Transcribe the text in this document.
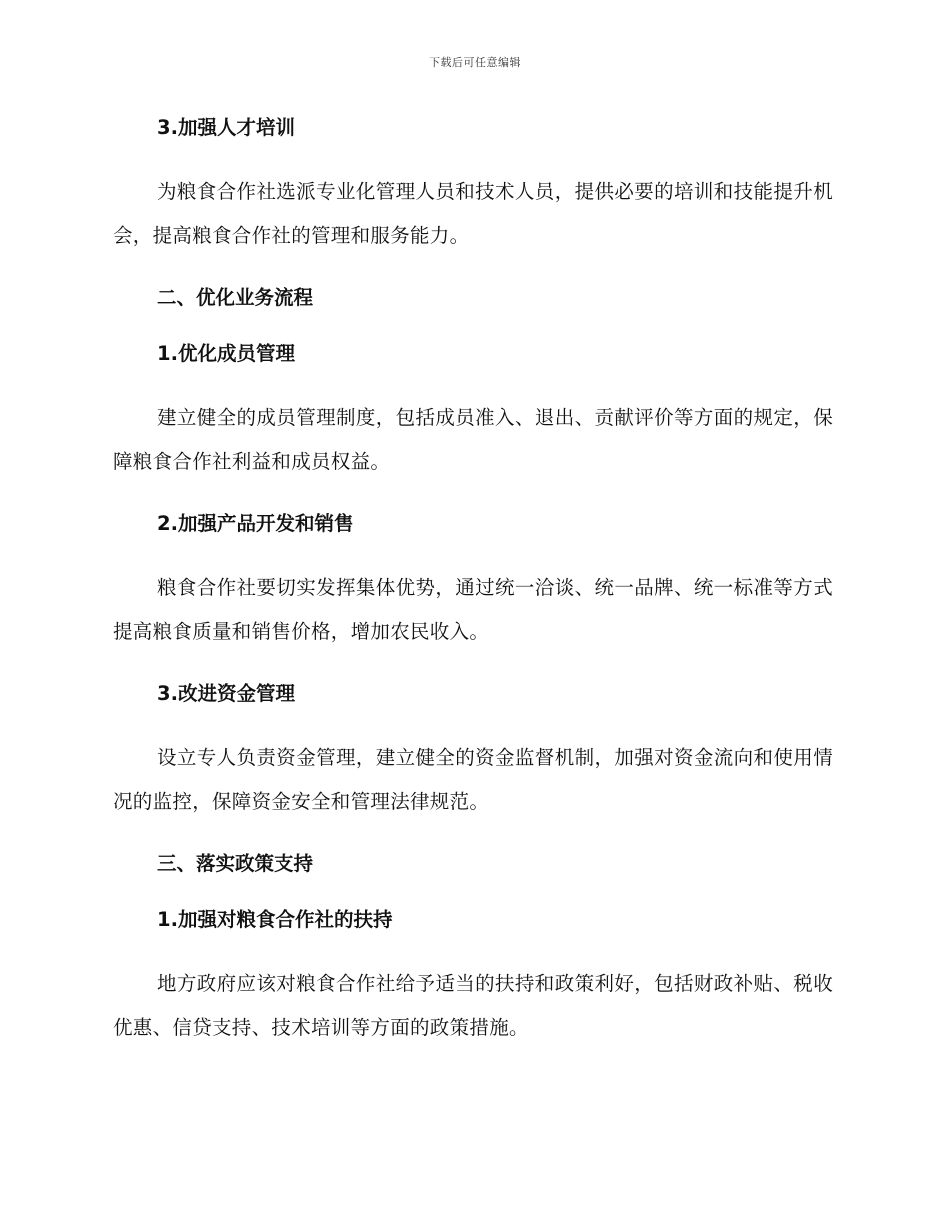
下载后可任意编辑
3.加强人才培训

为粮食合作社选派专业化管理人员和技术人员，提供必要的培训和技能提升机会，提高粮食合作社的管理和服务能力。

二、优化业务流程
1.优化成员管理

建立健全的成员管理制度，包括成员准入、退出、贡献评价等方面的规定，保障粮食合作社利益和成员权益。

2.加强产品开发和销售

粮食合作社要切实发挥集体优势，通过统一洽谈、统一品牌、统一标准等方式提高粮食质量和销售价格，增加农民收入。

3.改进资金管理

设立专人负责资金管理，建立健全的资金监督机制，加强对资金流向和使用情况的监控，保障资金安全和管理法律规范。

三、落实政策支持
1.加强对粮食合作社的扶持

地方政府应该对粮食合作社给予适当的扶持和政策利好，包括财政补贴、税收优惠、信贷支持、技术培训等方面的政策措施。
